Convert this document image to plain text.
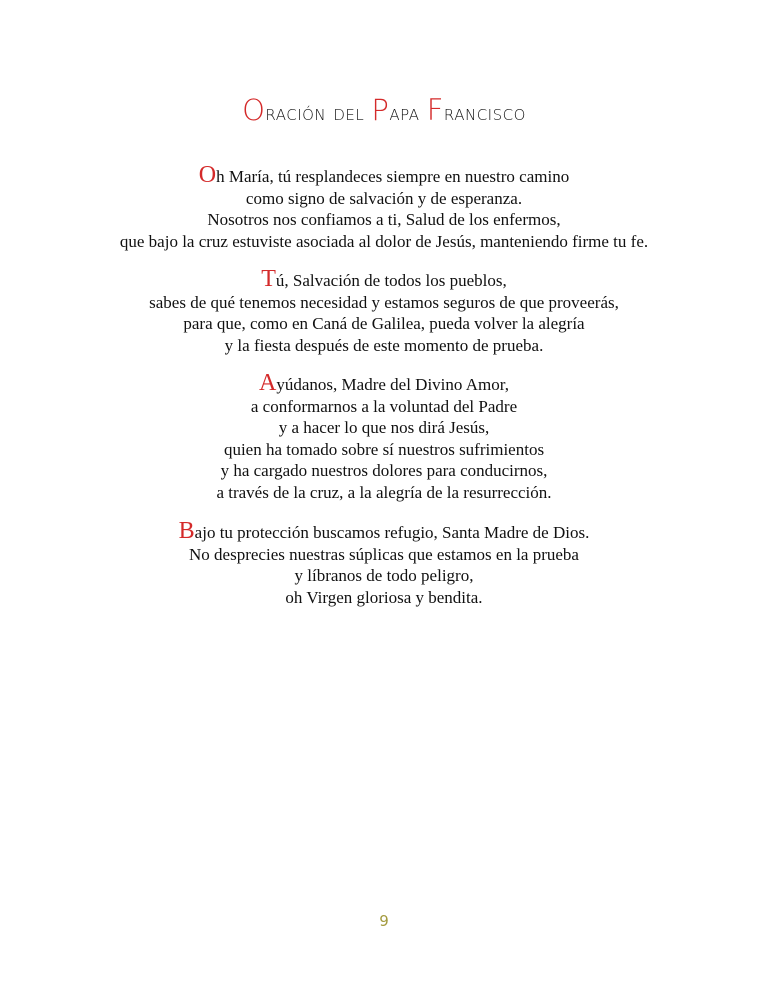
Oración del Papa Francisco
Oh María, tú resplandeces siempre en nuestro camino
como signo de salvación y de esperanza.
Nosotros nos confiamos a ti, Salud de los enfermos,
que bajo la cruz estuviste asociada al dolor de Jesús, manteniendo firme tu fe.
Tú, Salvación de todos los pueblos,
sabes de qué tenemos necesidad y estamos seguros de que proveerás,
para que, como en Caná de Galilea, pueda volver la alegría
y la fiesta después de este momento de prueba.
Ayúdanos, Madre del Divino Amor,
a conformarnos a la voluntad del Padre
y a hacer lo que nos dirá Jesús,
quien ha tomado sobre sí nuestros sufrimientos
y ha cargado nuestros dolores para conducirnos,
a través de la cruz, a la alegría de la resurrección.
Bajo tu protección buscamos refugio, Santa Madre de Dios.
No desprecies nuestras súplicas que estamos en la prueba
y líbranos de todo peligro,
oh Virgen gloriosa y bendita.
9
